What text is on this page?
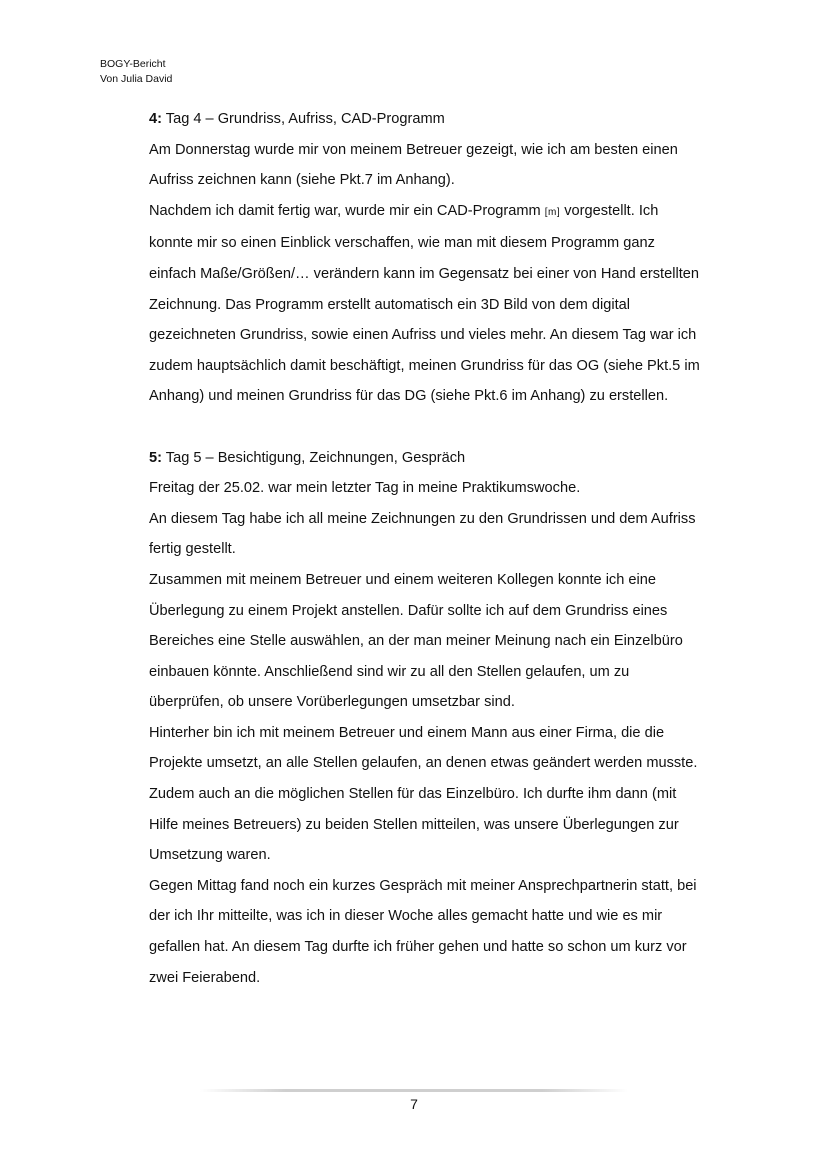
BOGY-Bericht
Von Julia David

4: Tag 4 – Grundriss, Aufriss, CAD-Programm

Am Donnerstag wurde mir von meinem Betreuer gezeigt, wie ich am besten einen

Aufriss zeichnen kann (siehe Pkt.7 im Anhang).

Nachdem ich damit fertig war, wurde mir ein CAD-Programm [m] vorgestellt. Ich

konnte mir so einen Einblick verschaffen, wie man mit diesem Programm ganz

einfach Maße/Größen/… verändern kann im Gegensatz bei einer von Hand erstellten

Zeichnung. Das Programm erstellt automatisch ein 3D Bild von dem digital

gezeichneten Grundriss, sowie einen Aufriss und vieles mehr. An diesem Tag war ich

zudem hauptsächlich damit beschäftigt, meinen Grundriss für das OG (siehe Pkt.5 im

Anhang) und meinen Grundriss für das DG (siehe Pkt.6 im Anhang) zu erstellen.

5: Tag 5 – Besichtigung, Zeichnungen, Gespräch

Freitag der 25.02. war mein letzter Tag in meine Praktikumswoche.

An diesem Tag habe ich all meine Zeichnungen zu den Grundrissen und dem Aufriss

fertig gestellt.

Zusammen mit meinem Betreuer und einem weiteren Kollegen konnte ich eine

Überlegung zu einem Projekt anstellen. Dafür sollte ich auf dem Grundriss eines

Bereiches eine Stelle auswählen, an der man meiner Meinung nach ein Einzelbüro

einbauen könnte. Anschließend sind wir zu all den Stellen gelaufen, um zu

überprüfen, ob unsere Vorüberlegungen umsetzbar sind.

Hinterher bin ich mit meinem Betreuer und einem Mann aus einer Firma, die die

Projekte umsetzt, an alle Stellen gelaufen, an denen etwas geändert werden musste.

Zudem auch an die möglichen Stellen für das Einzelbüro. Ich durfte ihm dann (mit

Hilfe meines Betreuers) zu beiden Stellen mitteilen, was unsere Überlegungen zur

Umsetzung waren.

Gegen Mittag fand noch ein kurzes Gespräch mit meiner Ansprechpartnerin statt, bei

der ich Ihr mitteilte, was ich in dieser Woche alles gemacht hatte und wie es mir

gefallen hat. An diesem Tag durfte ich früher gehen und hatte so schon um kurz vor

zwei Feierabend.

7
